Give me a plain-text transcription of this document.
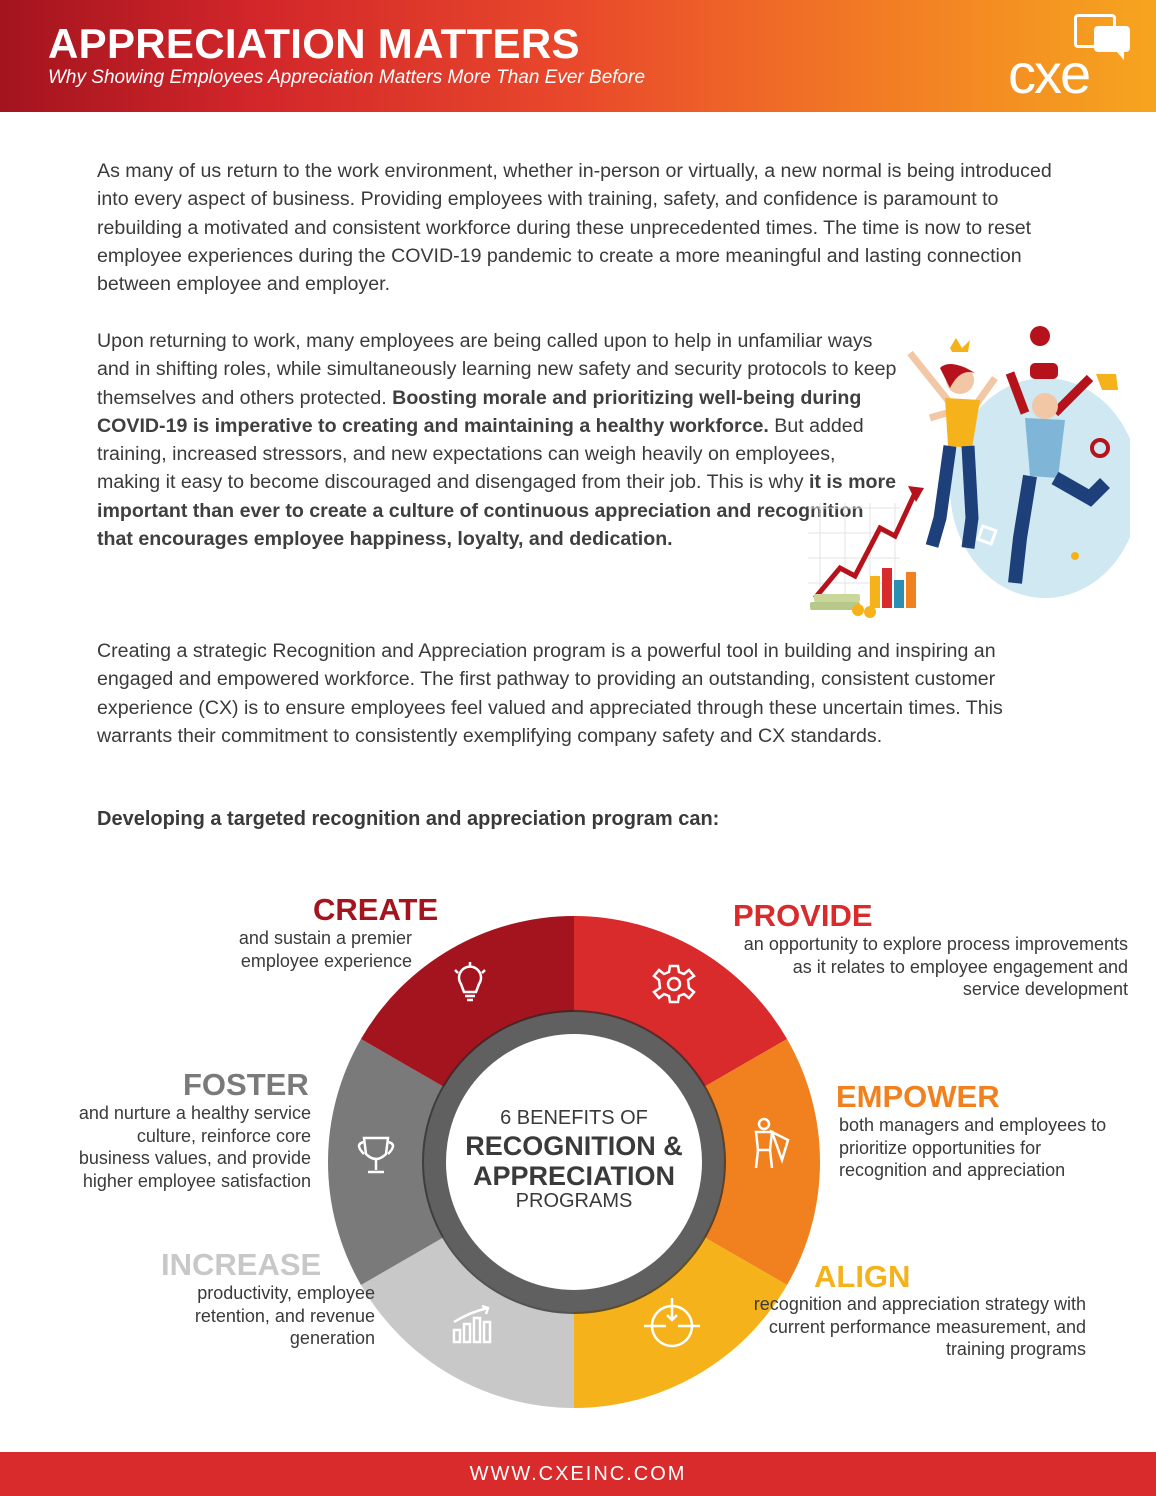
APPRECIATION MATTERS

Why Showing Employees Appreciation Matters More Than Ever Before	cxe

As many of us return to the work environment, whether in-person or virtually, a new normal is being introduced into every aspect of business. Providing employees with training, safety, and confidence is paramount to rebuilding a motivated and consistent workforce during these unprecedented times. The time is now to reset employee experiences during the COVID-19 pandemic to create a more meaningful and lasting connection between employee and employer.

Upon returning to work, many employees are being called upon to help in unfamiliar ways and in shifting roles, while simultaneously learning new safety and security protocols to keep themselves and others protected. Boosting morale and prioritizing well-being during COVID-19 is imperative to creating and maintaining a healthy workforce. But added training, increased stressors, and new expectations can weigh heavily on employees, making it easy to become discouraged and disengaged from their job. This is why it is more important than ever to create a culture of continuous appreciation and recognition that encourages employee happiness, loyalty, and dedication.

Creating a strategic Recognition and Appreciation program is a powerful tool in building and inspiring an engaged and empowered workforce. The first pathway to providing an outstanding, consistent customer experience (CX) is to ensure employees feel valued and appreciated through these uncertain times. This warrants their commitment to consistently exemplifying company safety and CX standards.

Developing a targeted recognition and appreciation program can:

6 BENEFITS OF
RECOGNITION &
APPRECIATION
PROGRAMS
CREATE

and sustain a premier employee experience

PROVIDE

an opportunity to explore process improvements as it relates to employee engagement and service development

EMPOWER

both managers and employees to prioritize opportunities for recognition and appreciation

ALIGN

recognition and appreciation strategy with current performance measurement, and training programs

INCREASE

productivity, employee retention, and revenue generation

FOSTER

and nurture a healthy service culture, reinforce core business values, and provide higher employee satisfaction

WWW.CXEINC.COM
